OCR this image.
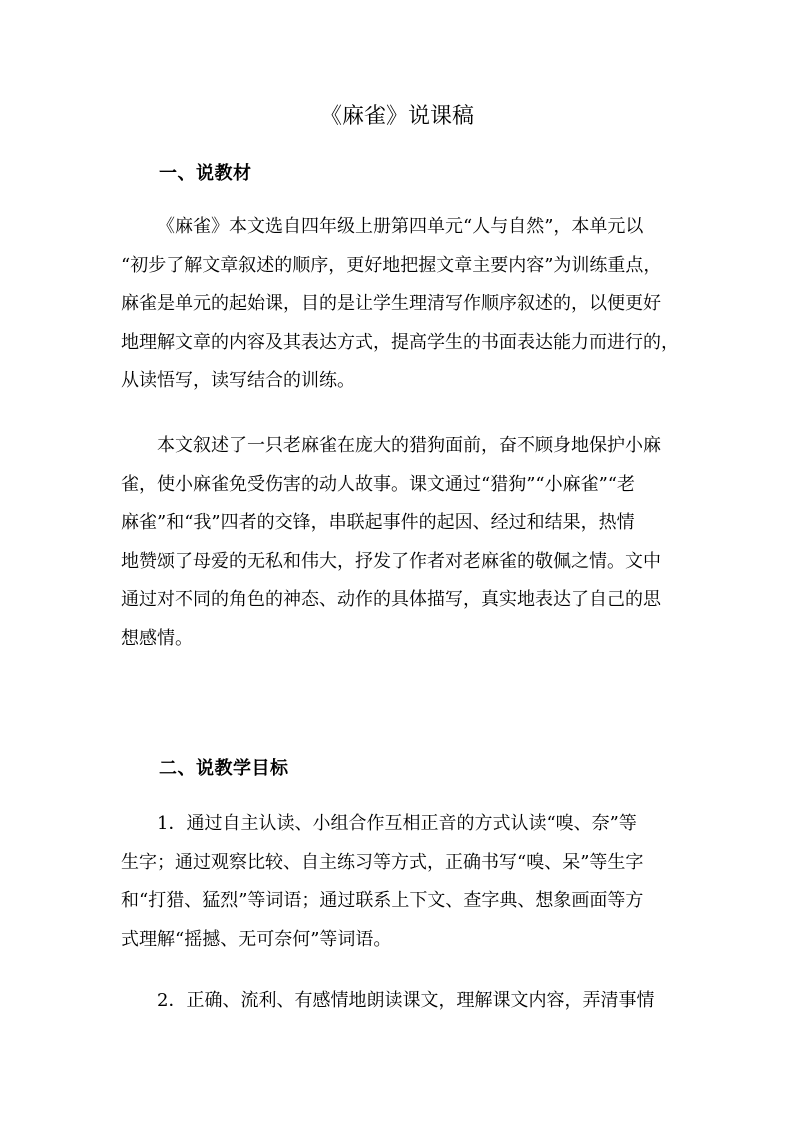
《麻雀》说课稿
一、说教材
《麻雀》本文选自四年级上册第四单元“人与自然”，本单元以
“初步了解文章叙述的顺序，更好地把握文章主要内容”为训练重点，
麻雀是单元的起始课，目的是让学生理清写作顺序叙述的，以便更好
地理解文章的内容及其表达方式，提高学生的书面表达能力而进行的，
从读悟写，读写结合的训练。
本文叙述了一只老麻雀在庞大的猎狗面前，奋不顾身地保护小麻
雀，使小麻雀免受伤害的动人故事。课文通过“猎狗”“小麻雀”“老
麻雀”和“我”四者的交锋，串联起事件的起因、经过和结果，热情
地赞颂了母爱的无私和伟大，抒发了作者对老麻雀的敬佩之情。文中
通过对不同的角色的神态、动作的具体描写，真实地表达了自己的思
想感情。
二、说教学目标
1．通过自主认读、小组合作互相正音的方式认读“嗅、奈”等
生字；通过观察比较、自主练习等方式，正确书写“嗅、呆”等生字
和“打猎、猛烈”等词语；通过联系上下文、查字典、想象画面等方
式理解“摇撼、无可奈何”等词语。
2．正确、流利、有感情地朗读课文，理解课文内容，弄清事情
